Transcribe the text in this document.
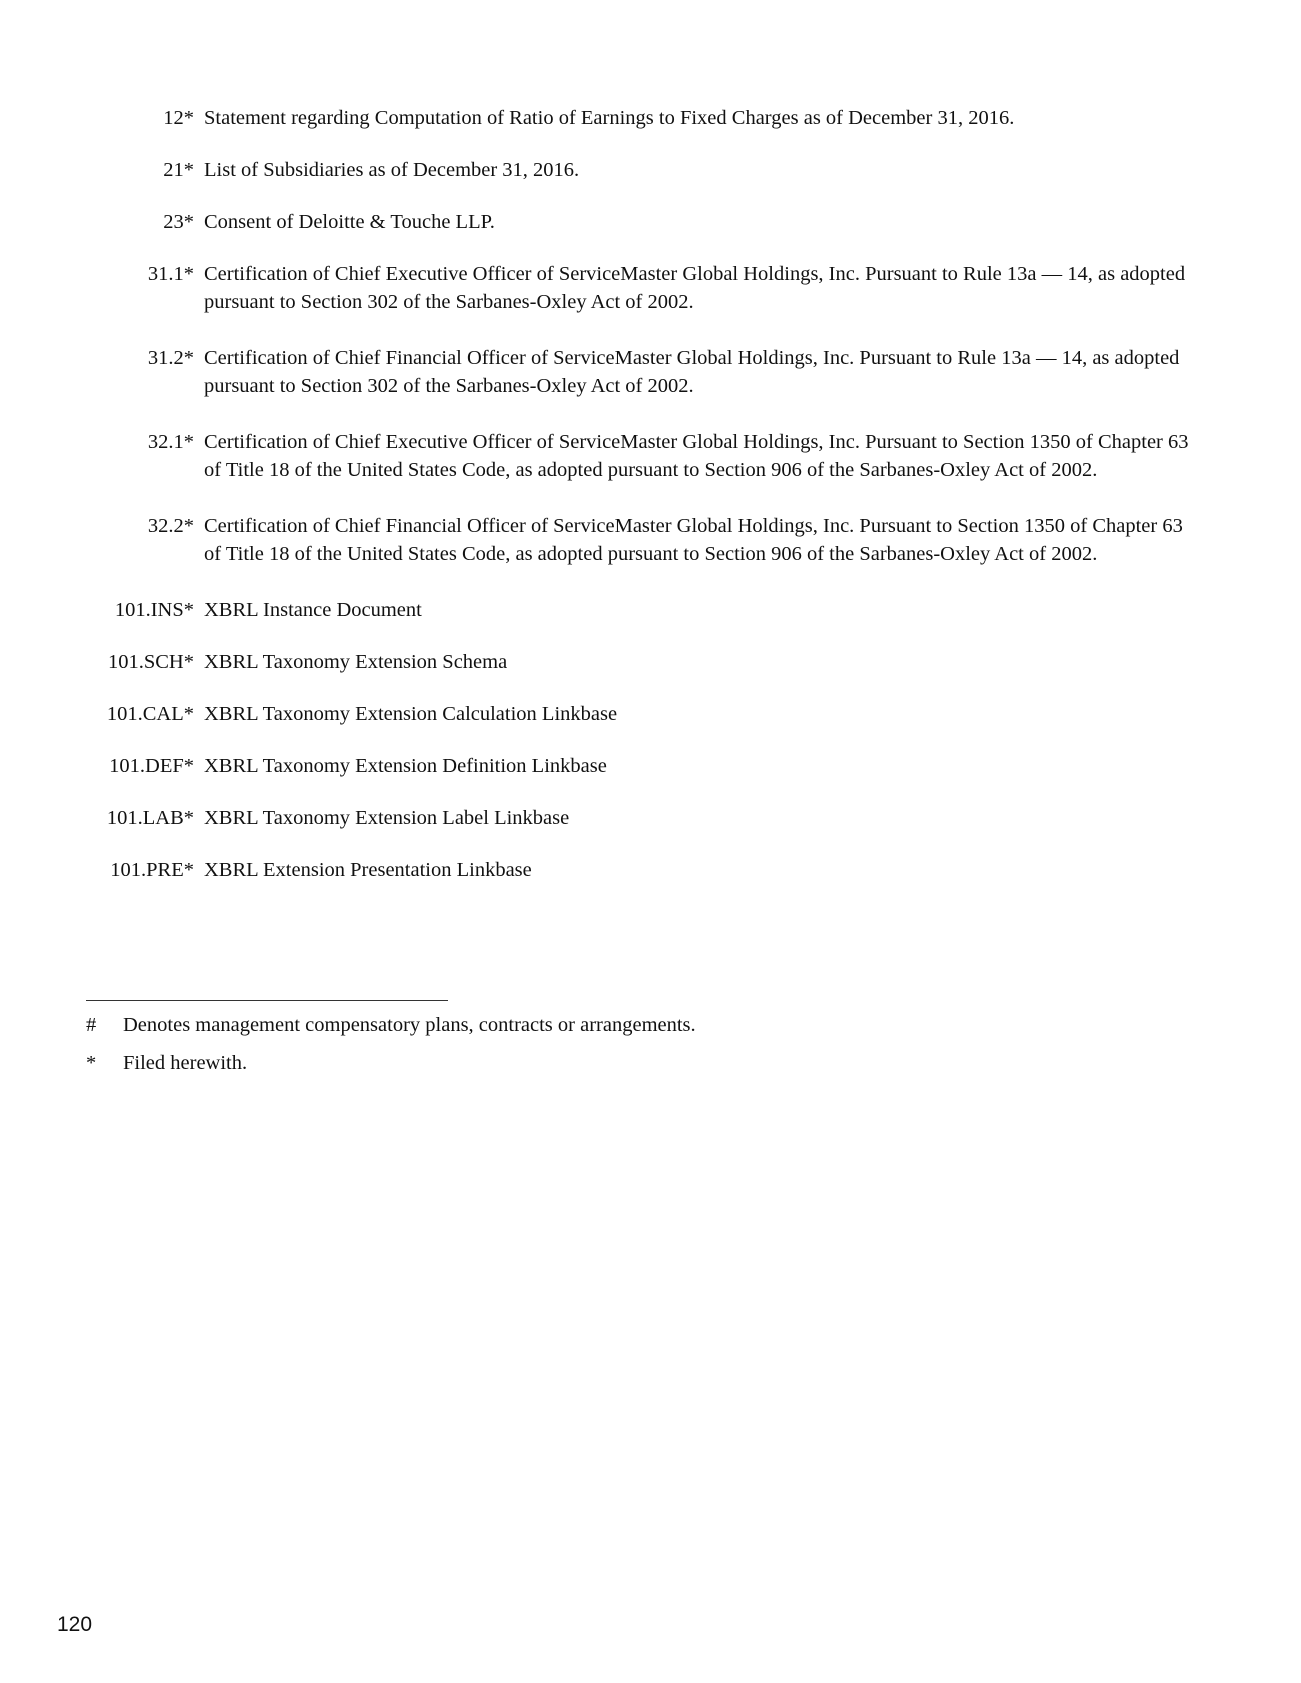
12* Statement regarding Computation of Ratio of Earnings to Fixed Charges as of December 31, 2016.
21* List of Subsidiaries as of December 31, 2016.
23* Consent of Deloitte & Touche LLP.
31.1* Certification of Chief Executive Officer of ServiceMaster Global Holdings, Inc. Pursuant to Rule 13a — 14, as adopted pursuant to Section 302 of the Sarbanes-Oxley Act of 2002.
31.2* Certification of Chief Financial Officer of ServiceMaster Global Holdings, Inc. Pursuant to Rule 13a — 14, as adopted pursuant to Section 302 of the Sarbanes-Oxley Act of 2002.
32.1* Certification of Chief Executive Officer of ServiceMaster Global Holdings, Inc. Pursuant to Section 1350 of Chapter 63 of Title 18 of the United States Code, as adopted pursuant to Section 906 of the Sarbanes-Oxley Act of 2002.
32.2* Certification of Chief Financial Officer of ServiceMaster Global Holdings, Inc. Pursuant to Section 1350 of Chapter 63 of Title 18 of the United States Code, as adopted pursuant to Section 906 of the Sarbanes-Oxley Act of 2002.
101.INS* XBRL Instance Document
101.SCH* XBRL Taxonomy Extension Schema
101.CAL* XBRL Taxonomy Extension Calculation Linkbase
101.DEF* XBRL Taxonomy Extension Definition Linkbase
101.LAB* XBRL Taxonomy Extension Label Linkbase
101.PRE* XBRL Extension Presentation Linkbase
#	Denotes management compensatory plans, contracts or arrangements.
*	Filed herewith.
120
